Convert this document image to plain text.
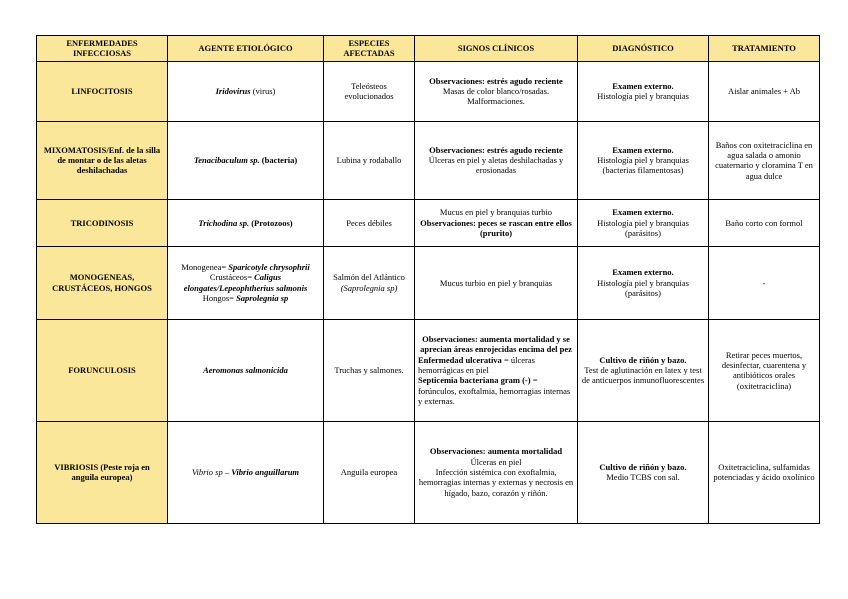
ENFERMEDADES INFECCIOSAS	AGENTE ETIOLÓGICO	ESPECIES AFECTADAS	SIGNOS CLÍNICOS	DIAGNÓSTICO	TRATAMIENTO
LINFOCITOSIS	Iridovirus (virus)	Teleósteos evolucionados	Observaciones: estrés agudo reciente
Masas de color blanco/rosadas.
Malformaciones.	Examen externo.
Histología piel y branquias	Aislar animales + Ab
MIXOMATOSIS/Enf. de la silla de montar o de las aletas deshilachadas	Tenacibaculum sp. (bacteria)	Lubina y rodaballo	Observaciones: estrés agudo reciente
Úlceras en piel y aletas deshilachadas y erosionadas	Examen externo.
Histología piel y branquias (bacterias filamentosas)	Baños con oxitetraciclina en agua salada o amonio cuaternario y cloramina T en agua dulce
TRICODINOSIS	Trichodina sp. (Protozoos)	Peces débiles	Mucus en piel y branquias turbio
Observaciones: peces se rascan entre ellos (prurito)	Examen externo.
Histología piel y branquias (parásitos)	Baño corto con formol
MONOGENEAS, CRUSTÁCEOS, HONGOS	Monogenea= Sparicotyle chrysophrii
Crustáceos= Caligus elongates/Lepeophtherius salmonis
Hongos= Saprolegnia sp	Salmón del Atlántico
(Saprolegnia sp)	Mucus turbio en piel y branquias	Examen externo.
Histología piel y branquias (parásitos)	-
FORUNCULOSIS	Aeromonas salmonicida	Truchas y salmones.	Observaciones: aumenta mortalidad y se aprecian áreas enrojecidas encima del pez
Enfermedad ulcerativa = úlceras hemorrágicas en piel
Septicemia bacteriana gram (-) = forúnculos, exoftalmia, hemorragias internas y externas.	Cultivo de riñón y bazo.
Test de aglutinación en latex y test de anticuerpos inmunofluorescentes	Retirar peces muertos, desinfectar, cuarentena y antibióticos orales (oxitetraciclina)
VIBRIOSIS (Peste roja en anguila europea)	Vibrio sp – Vibrio anguillarum	Anguila europea	Observaciones: aumenta mortalidad
Úlceras en piel
Infección sistémica con exoftalmia, hemorragias internas y externas y necrosis en hígado, bazo, corazón y riñón.	Cultivo de riñón y bazo.
Medio TCBS con sal.	Oxitetraciclina, sulfamidas potenciadas y ácido oxolínico
